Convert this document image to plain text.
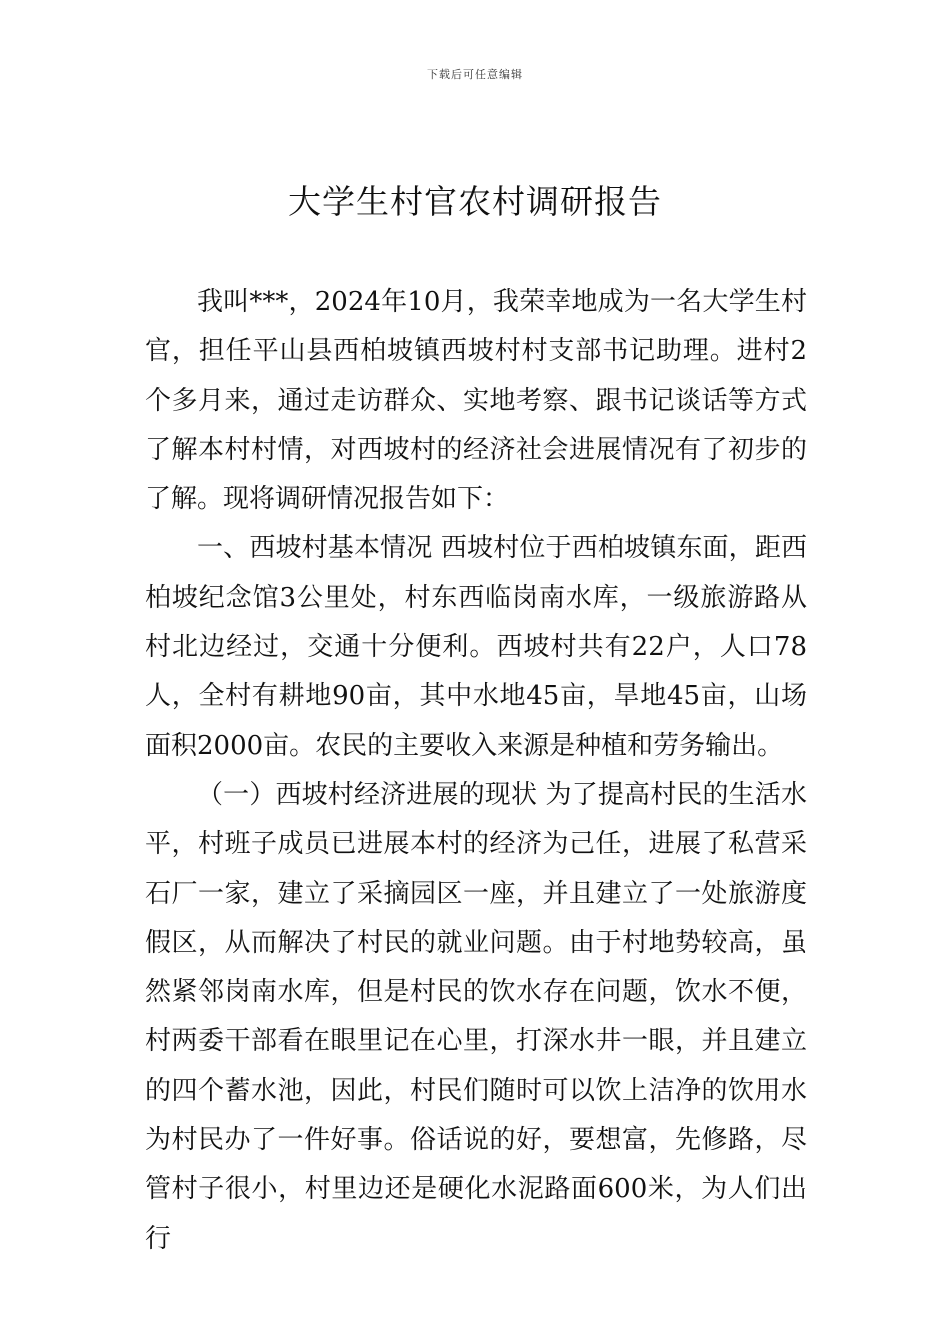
下载后可任意编辑
大学生村官农村调研报告

我叫***，2024年10月，我荣幸地成为一名大学生村官，担任平山县西柏坡镇西坡村村支部书记助理。进村2个多月来，通过走访群众、实地考察、跟书记谈话等方式了解本村村情，对西坡村的经济社会进展情况有了初步的了解。现将调研情况报告如下：

一、西坡村基本情况 西坡村位于西柏坡镇东面，距西柏坡纪念馆3公里处，村东西临岗南水库，一级旅游路从村北边经过，交通十分便利。西坡村共有22户，人口78人，全村有耕地90亩，其中水地45亩，旱地45亩，山场面积2000亩。农民的主要收入来源是种植和劳务输出。

（一）西坡村经济进展的现状 为了提高村民的生活水平，村班子成员已进展本村的经济为己任，进展了私营采石厂一家，建立了采摘园区一座，并且建立了一处旅游度假区，从而解决了村民的就业问题。由于村地势较高，虽然紧邻岗南水库，但是村民的饮水存在问题，饮水不便，村两委干部看在眼里记在心里，打深水井一眼，并且建立的四个蓄水池，因此，村民们随时可以饮上洁净的饮用水为村民办了一件好事。俗话说的好，要想富，先修路，尽管村子很小，村里边还是硬化水泥路面600米，为人们出行
